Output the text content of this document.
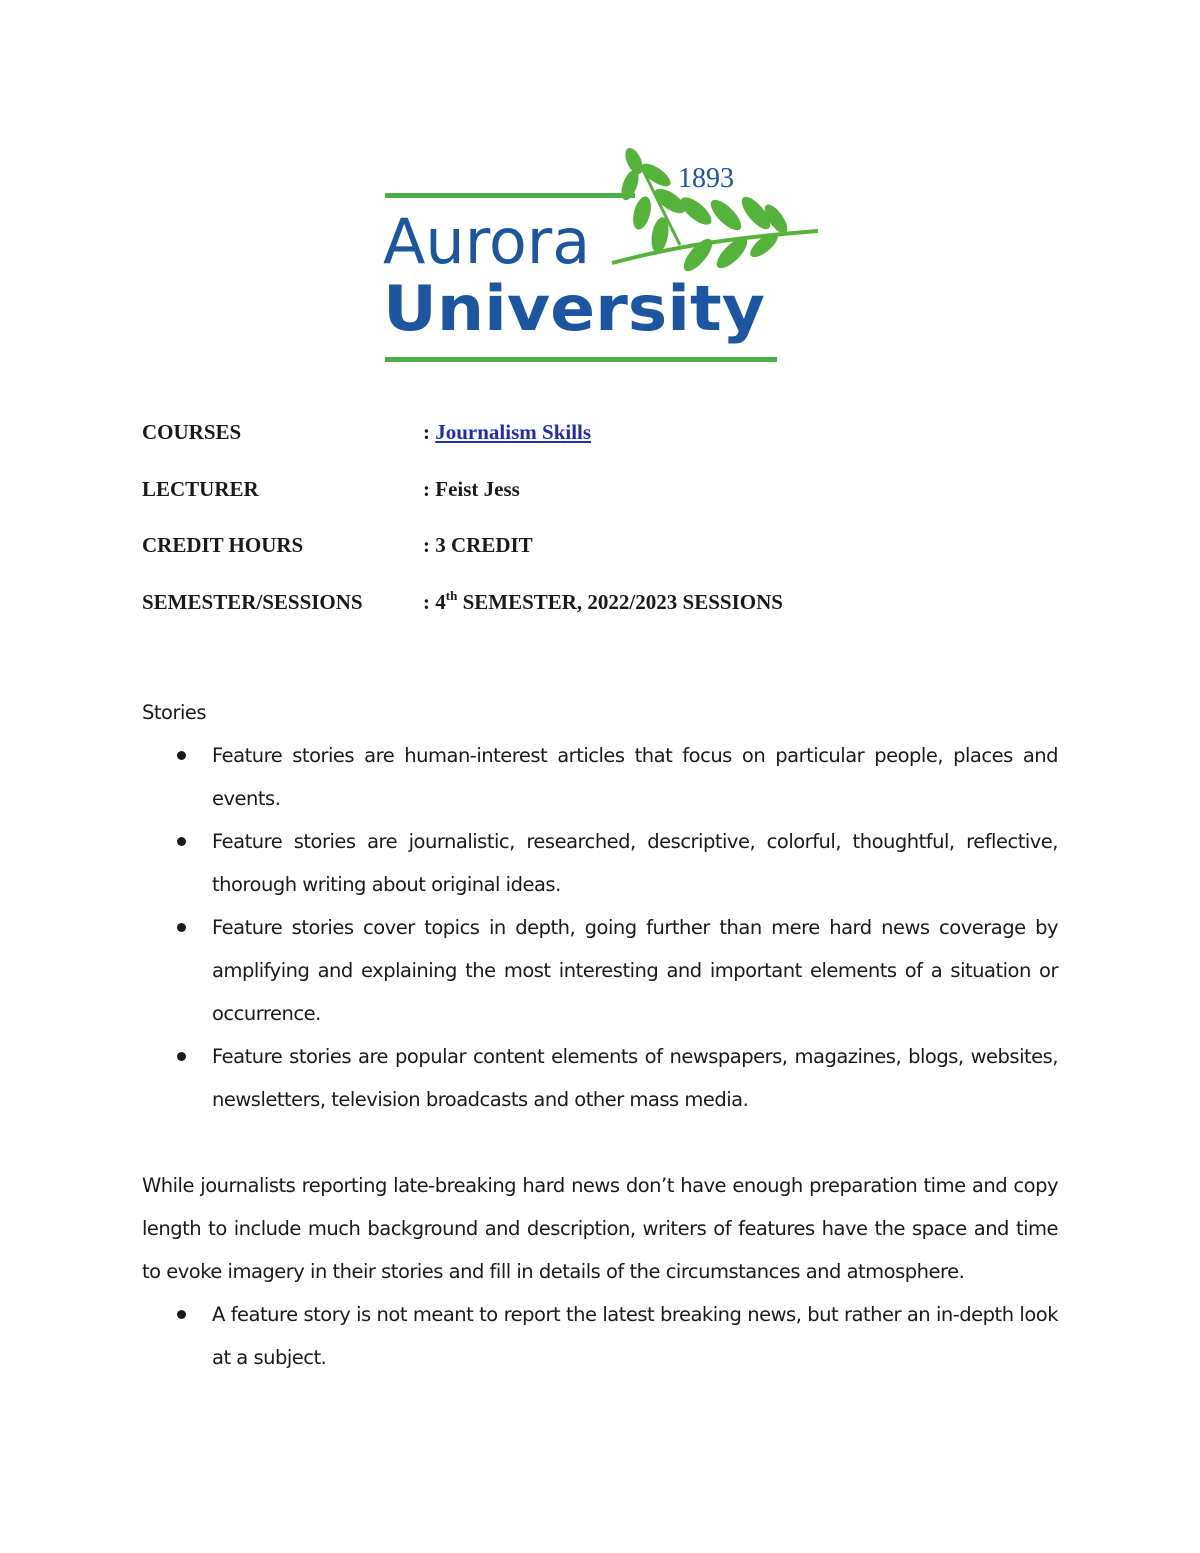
1893
Aurora
University
COURSES	: Journalism Skills
LECTURER	: Feist Jess
CREDIT HOURS	: 3 CREDIT
SEMESTER/SESSIONS	: 4th SEMESTER, 2022/2023 SESSIONS

Stories

Feature stories are human-interest articles that focus on particular people, places and events.
Feature stories are journalistic, researched, descriptive, colorful, thoughtful, reflective, thorough writing about original ideas.
Feature stories cover topics in depth, going further than mere hard news coverage by amplifying and explaining the most interesting and important elements of a situation or occurrence.
Feature stories are popular content elements of newspapers, magazines, blogs, websites, newsletters, television broadcasts and other mass media.

While journalists reporting late-breaking hard news don’t have enough preparation time and copy length to include much background and description, writers of features have the space and time to evoke imagery in their stories and fill in details of the circumstances and atmosphere.

A feature story is not meant to report the latest breaking news, but rather an in-depth look at a subject.
